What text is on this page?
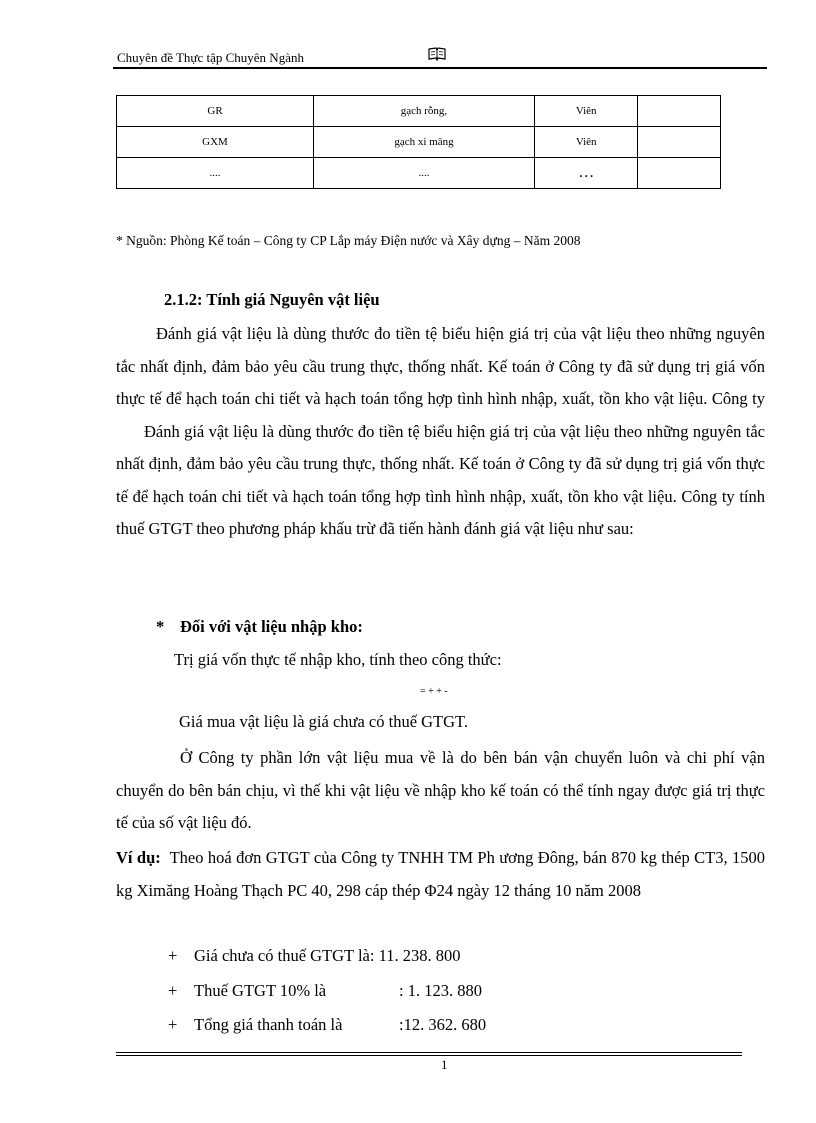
Chuyên đề Thực tập Chuyên Ngành
GR	gạch rỗng,	Viên	
GXM	gạch xi măng	Viên	
....	....	…	
* Nguồn: Phòng Kế toán – Công ty CP Lắp máy Điện nước và Xây dựng – Năm 2008
2.1.2: Tính giá Nguyên vật liệu
Đánh giá vật liệu là dùng thước đo tiền tệ biểu hiện giá trị của vật liệu theo những nguyên tắc nhất định, đảm bảo yêu cầu trung thực, thống nhất. Kế toán ở Công ty đã sử dụng trị giá vốn thực tế để hạch toán chi tiết và hạch toán tổng hợp tình hình nhập, xuất, tồn kho vật liệu. Công tyĐánh giá vật liệu là dùng thước đo tiền tệ biểu hiện giá trị của vật liệu theo những nguyên tắc nhất định, đảm bảo yêu cầu trung thực, thống nhất. Kế toán ở Công ty đã sử dụng trị giá vốn thực tế để hạch toán chi tiết và hạch toán tổng hợp tình hình nhập, xuất, tồn kho vật liệu. Công ty tính thuế GTGT theo phương pháp khấu trừ đã tiến hành đánh giá vật liệu như sau:
* Đối với vật liệu nhập kho:
Trị giá vốn thực tế nhập kho, tính theo công thức:
= + + -
Giá mua vật liệu là giá chưa có thuế GTGT.
Ở Công ty phần lớn vật liệu mua về là do bên bán vận chuyển luôn và chi phí vận chuyển do bên bán chịu, vì thế khi vật liệu về nhập kho kế toán có thể tính ngay được giá trị thực tế của số vật liệu đó.
Ví dụ: Theo hoá đơn GTGT của Công ty TNHH TM Ph ương Đông, bán 870 kg thép CT3, 1500 kg Ximăng Hoàng Thạch PC 40, 298 cáp thép Φ24 ngày 12 tháng 10 năm 2008
+ Giá chưa có thuế GTGT là: 11. 238. 800
+ Thuế GTGT 10% là	: 1. 123. 880
+ Tổng giá thanh toán là	:12. 362. 680
1
